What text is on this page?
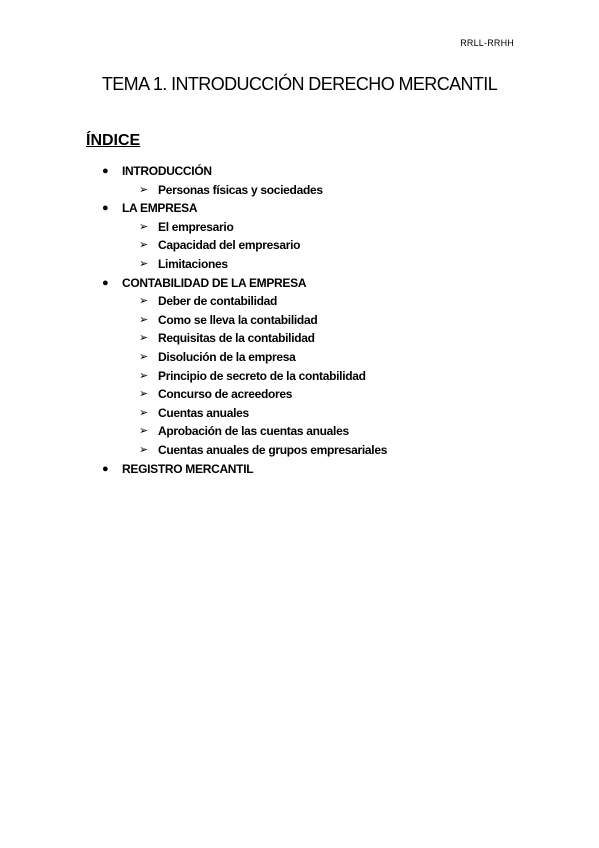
RRLL-RRHH
TEMA 1. INTRODUCCIÓN DERECHO MERCANTIL
ÍNDICE
● INTRODUCCIÓN
➢ Personas físicas y sociedades
● LA EMPRESA
➢ El empresario
➢ Capacidad del empresario
➢ Limitaciones
● CONTABILIDAD DE LA EMPRESA
➢ Deber de contabilidad
➢ Como se lleva la contabilidad
➢ Requisitas de la contabilidad
➢ Disolución de la empresa
➢ Principio de secreto de la contabilidad
➢ Concurso de acreedores
➢ Cuentas anuales
➢ Aprobación de las cuentas anuales
➢ Cuentas anuales de grupos empresariales
● REGISTRO MERCANTIL
